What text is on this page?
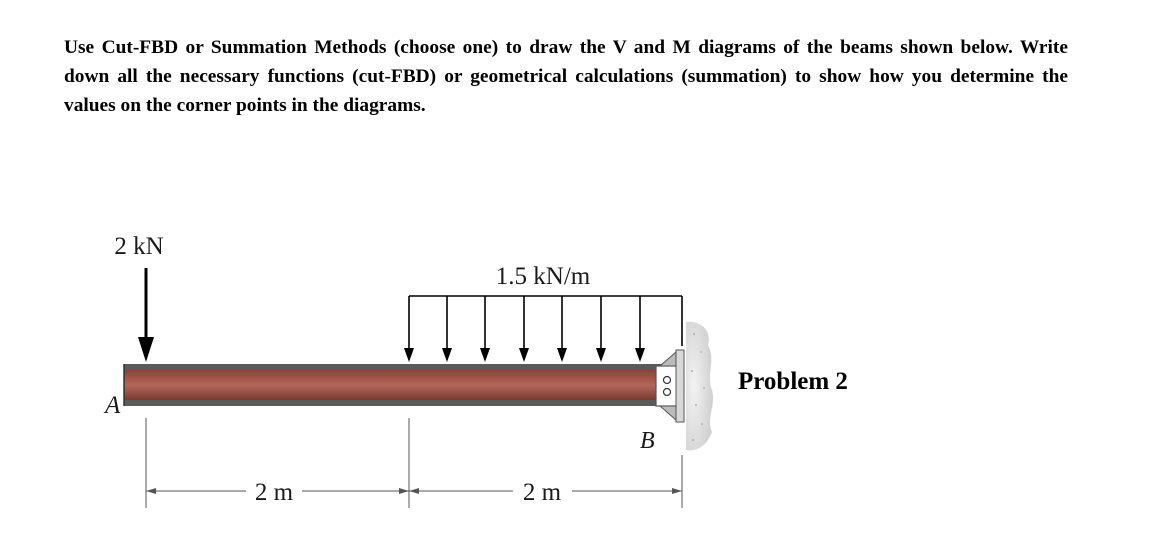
Use Cut-FBD or Summation Methods (choose one) to draw the V and M diagrams of the beams shown below. Write down all the necessary functions (cut-FBD) or geometrical calculations (summation) to show how you determine the values on the corner points in the diagrams.

2 kN
1.5 kN/m
A
B
2 m	2 m
Problem 2
